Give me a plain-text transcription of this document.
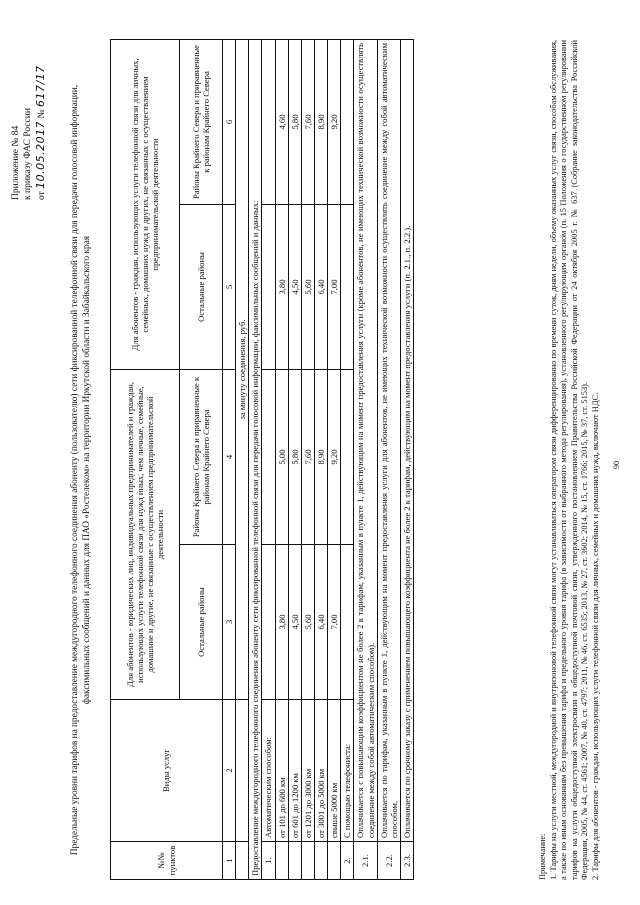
Приложение № 84 к приказу ФАС России от 10.05.2017 № 617/17 Предельные уровни тарифов на предоставление междугородного телефонного соединения абоненту (пользователю) сети фиксированной телефонной связи для передачи голосовой информации, факсимильных сообщений и данных для ПАО «Ростелеком» на территории Иркутской области и Забайкальского края
№№ пунктов	Виды услуг	Для абонентов - юридических лиц, индивидуальных предпринимателей и граждан, использующих услуги телефонной связи для нужд иных, чем личные, семейные, домашние и другие, не связанные с осуществлением предпринимательской деятельности		Для абонентов - граждан, использующих услуги телефонной связи для личных, семейных, домашних нужд и других, не связанных с осуществлением предпринимательской деятельности	
		Остальные районы	Районы Крайнего Севера и приравненные к районам Крайнего Севера	Остальные районы	Районы Крайнего Севера и приравненные к районам Крайнего Севера
1	2	3	4	5	6
		за минуту соединения, руб.			
Предоставление междугородного телефонного соединения абоненту сети фиксированной телефонной связи для передачи голосовой информации, факсимильных сообщений и данных:					
1.	Автоматическим способом:				
	от 101 до 600 км	3,80	5,00	3,80	4,60
	от 601 до 1200 км	4,50	5,80	4,50	5,80
	от 1201 до 3000 км	5,60	7,60	5,60	7,60
	от 3001 до 5000 км	6,40	8,90	6,40	8,90
	свыше 5000 км	7,00	9,20	7,00	9,20
2.	С помощью телефониста:				
2.1.	Оплачивается с повышающим коэффициентом не более 2 к тарифам, указанным в пункте 1, действующим на момент предоставления услуги (кроме абонентов, не имеющих технической возможности осуществлять соединение между собой автоматическим способом).				
2.2.	Оплачивается по тарифам, указанным в пункте 1, действующим на момент предоставления услуги для абонентов, не имеющих технической возможности осуществлять соединение между собой автоматическим способом.				
2.3.	Оплачивается по срочному заказу с применением повышающего коэффициента не более 2 к тарифам, действующим на момент предоставления услуги (п. 2.1., п. 2.2.).				

Примечание: 1. Тарифы на услуги местной, междугородной и внутризоновой телефонной связи могут устанавливаться оператором связи дифференцированно по времени суток, дням недели, объему оказанных услуг связи, способам обслуживания, а также по иным основаниям без превышения тарифа и предельного уровня тарифа (в зависимости от выбранного метода регулирования), установленного регулирующим органом (п. 15 Положения о государственном регулировании тарифов на услуги общедоступной электросвязи и общедоступной почтовой связи, утвержденного постановлением Правительства Российской Федерации от 24 октября 2005 г. № 637 (Собрание законодательства Российской Федерации, 2005, № 44, ст. 4561; 2007, № 40, ст. 4797; 2011, № 46, ст. 6535; 2013, № 27, ст. 3602; 2014, № 15, ст. 1766; 2015, № 37, ст. 5153). 2. Тарифы для абонентов - граждан, использующих услуги телефонной связи для личных, семейных и домашних нужд, включают НДС. 90
